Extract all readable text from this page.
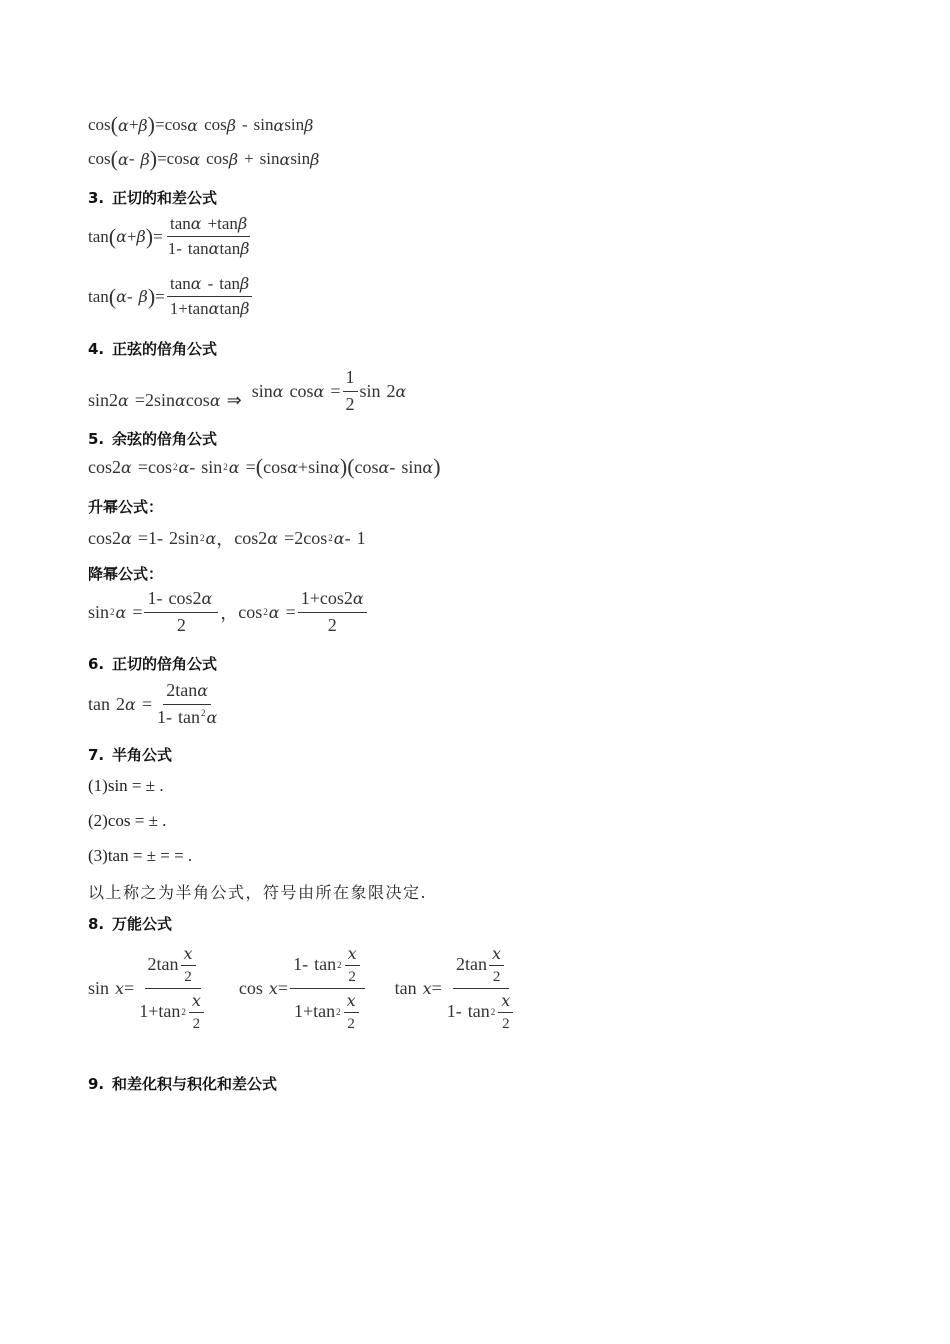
cos ( α + β ) = cos α cos β - sin α sin β
cos ( α - β ) = cos α cos β + sin α sin β
3. 正切的和差公式
tan ( α + β ) = $\frac{\tan\alpha +\tan\beta}{1- \tan\alpha\tan\beta}$
tan ( α - β ) = $\frac{\tan\alpha - \tan\beta}{1+\tan\alpha\tan\beta}$
4. 正弦的倍角公式
sin2α =2sinαcosα ⇒ sinα $\cos\alpha = \frac{1}{2}$ sin 2α
5. 余弦的倍角公式
cos 2 α = cos 2 α - sin 2 α = ( cos α + sin α )( cos α - sin α )
升幂公式：
cos 2 α = 1 - 2 sin 2 α ， cos 2 α = 2 cos 2 α - 1
降幂公式：
sin 2 $\alpha = \frac{1- \cos 2\alpha}{2}$ ， cos 2 $\alpha = \frac{1+\cos 2\alpha}{2}$
6. 正切的倍角公式
tan 2 $\alpha = \frac{2\tan\alpha}{1- \tan^2\alpha}$
7. 半角公式
(1)sin = ± .
(2)cos = ± .
(3)tan = ± = = .
以上称之为半角公式，符号由所在象限决定.
8. 万能公式
$\sin x = \frac{2 \tan \frac{x}{2}}{1 + \tan 2 \frac{x}{2}}$ $\cos x = \frac{1 - \tan 2 \frac{x}{2}}{1 + \tan 2 \frac{x}{2}}$ $\tan x = \frac{2 \tan \frac{x}{2}}{1 - \tan 2 \frac{x}{2}}$
9. 和差化积与积化和差公式
